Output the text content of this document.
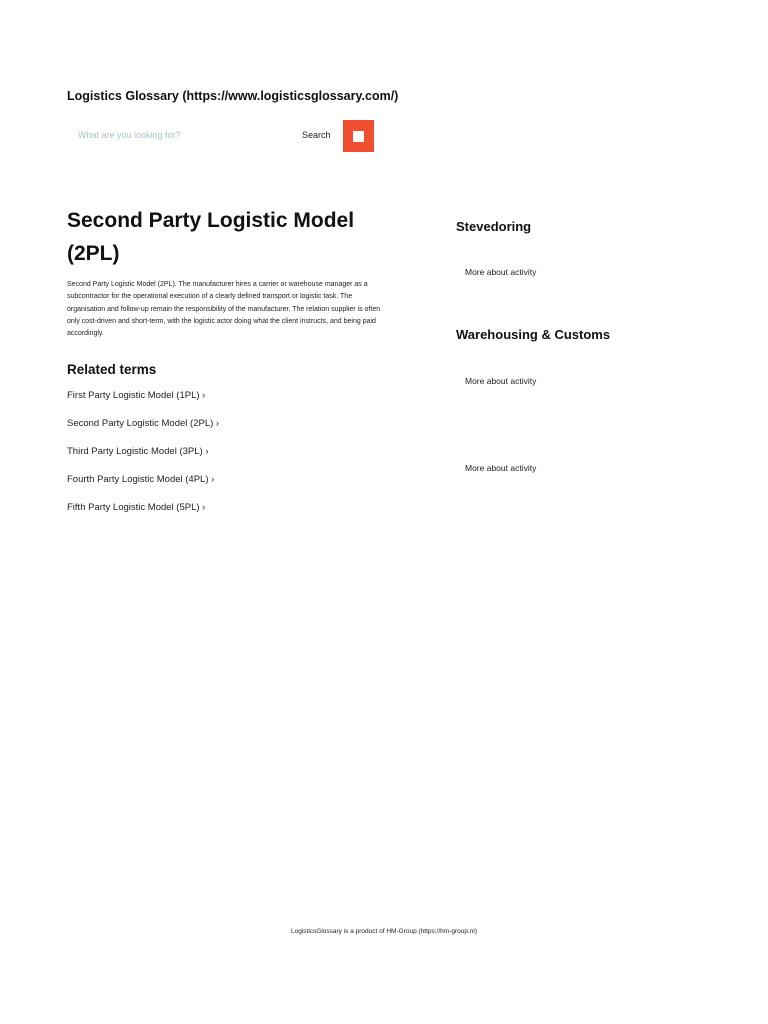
Logistics Glossary (https://www.logisticsglossary.com/)
What are you looking for?
Search
Second Party Logistic Model (2PL)

Second Party Logistic Model (2PL). The manufacturer hires a carrier or warehouse manager as a subcontractor for the operational execution of a clearly defined transport or logistic task. The organisation and follow-up remain the responsibility of the manufacturer. The relation supplier is often only cost-driven and short-term, with the logistic actor doing what the client instructs, and being paid accordingly.

Related terms
First Party Logistic Model (1PL) ›
Second Party Logistic Model (2PL) ›
Third Party Logistic Model (3PL) ›
Fourth Party Logistic Model (4PL) ›
Fifth Party Logistic Model (5PL) ›
Stevedoring
More about activity
Warehousing & Customs
More about activity
More about activity
LogisticsGlossary is a product of HM-Group (https://hm-group.nl)
